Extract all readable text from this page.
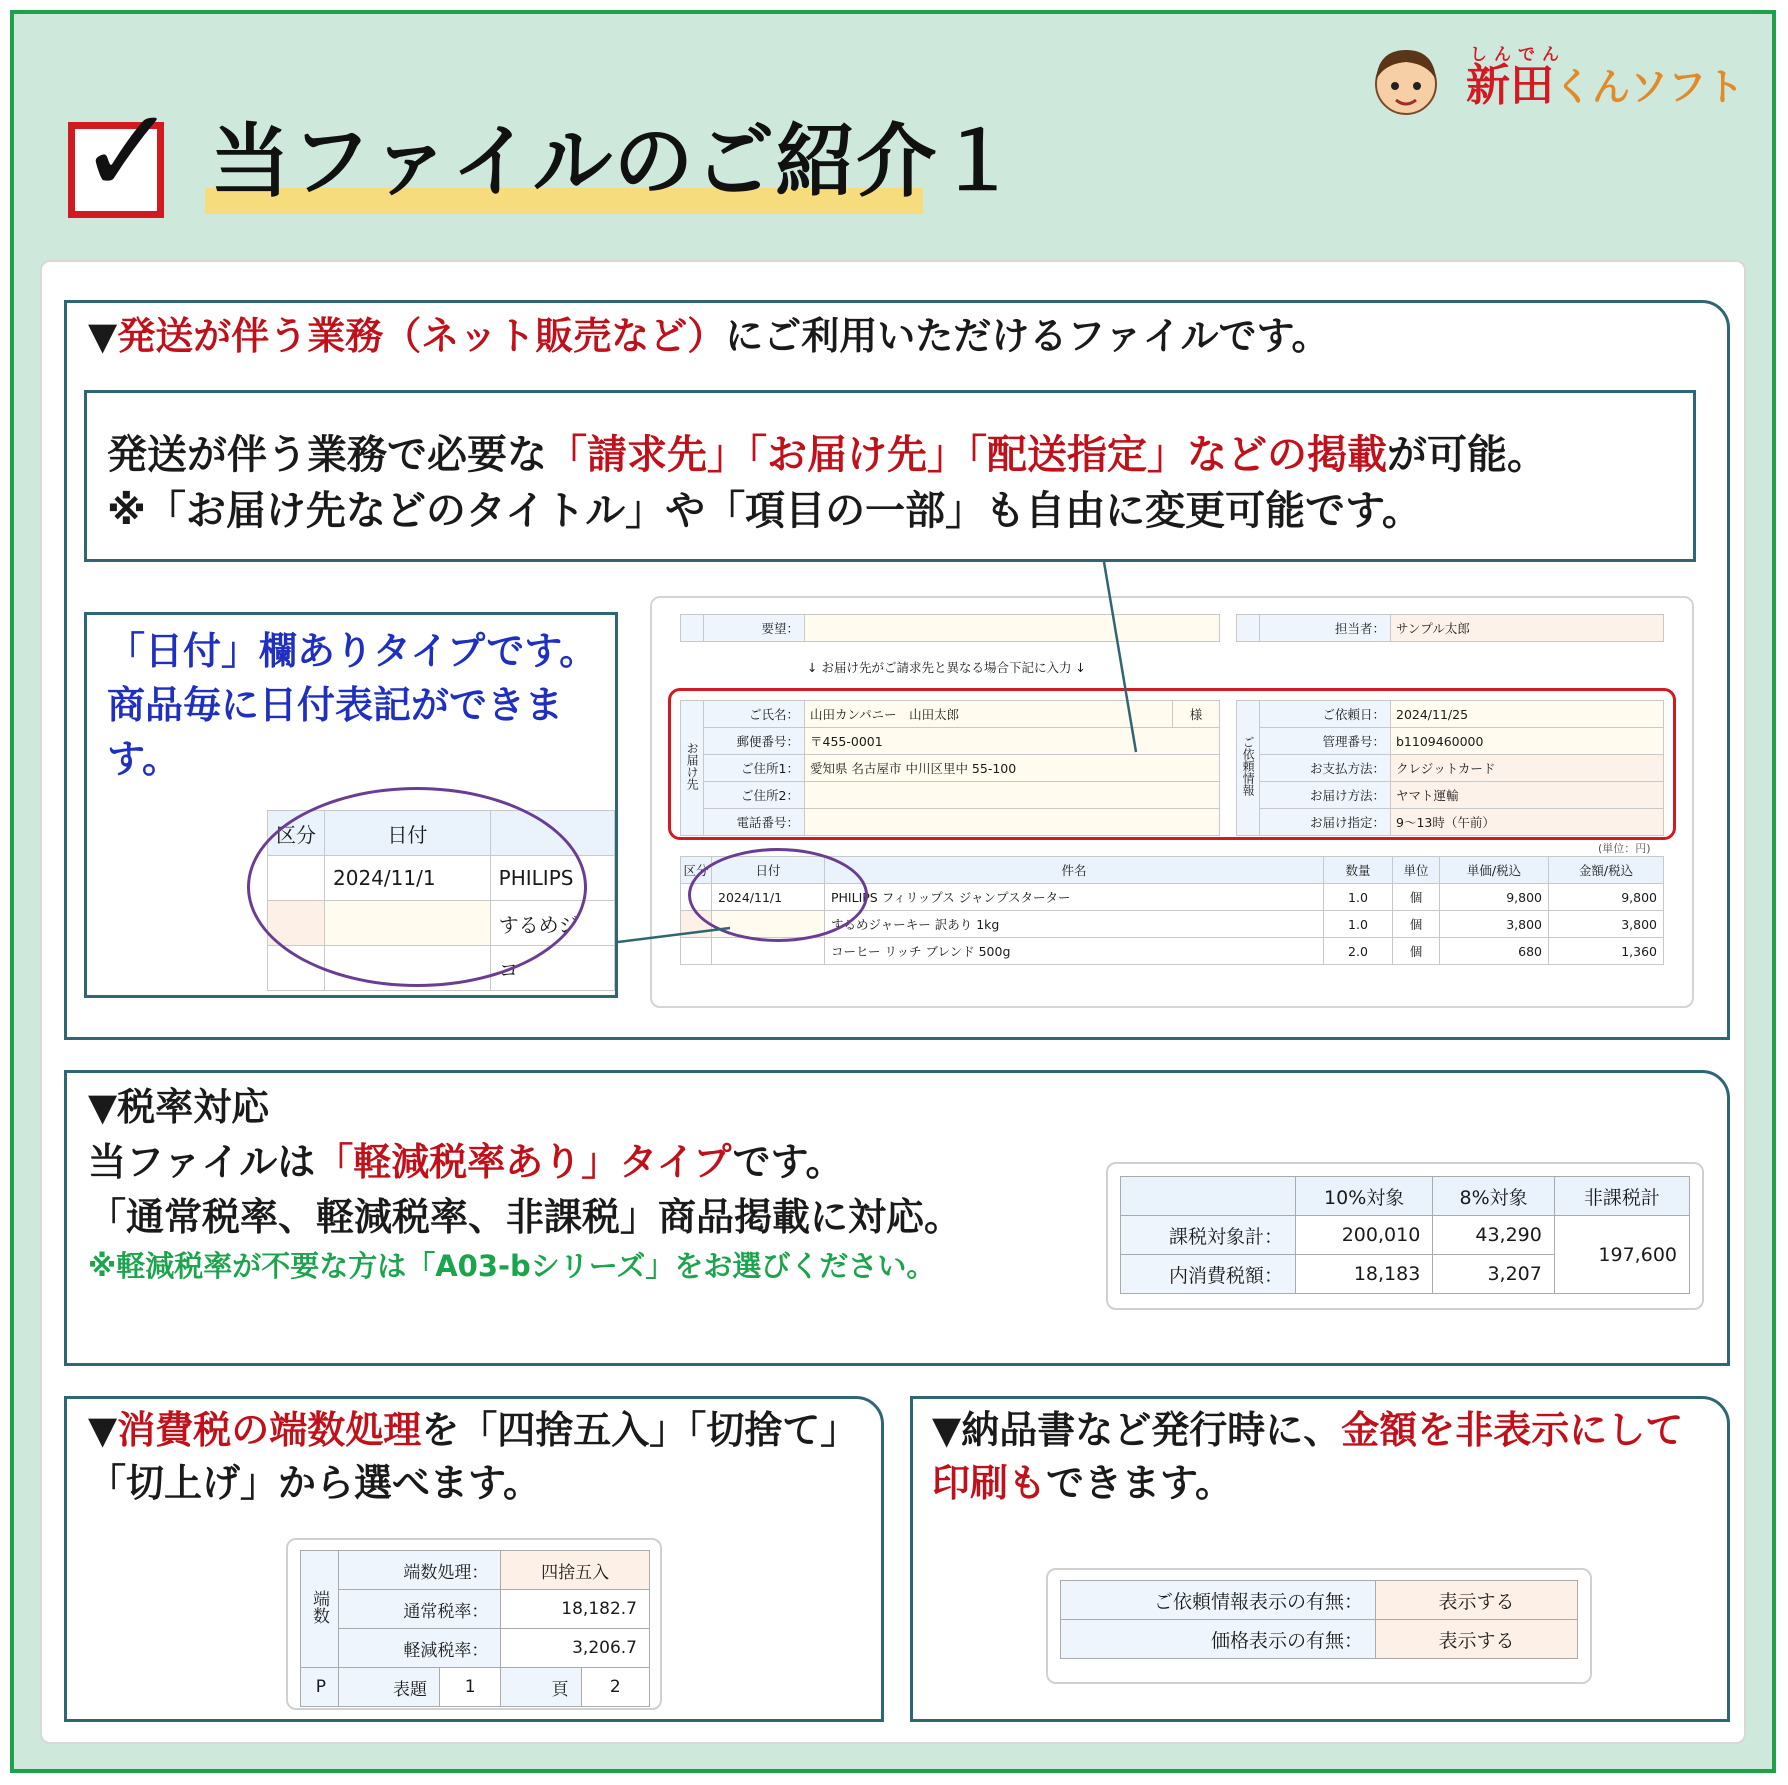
✓ 当ファイルのご紹介１
しんでん
新田くんソフト
▼発送が伴う業務（ネット販売など）にご利用いただけるファイルです。
発送が伴う業務で必要な「請求先」「お届け先」「配送指定」などの掲載が可能。
※「お届け先などのタイトル」や「項目の一部」も自由に変更可能です。
「日付」欄ありタイプです。商品毎に日付表記ができます。
区分	日付	
	2024/11/1	PHILIPS
		するめジ
		コ
	要望：	
		担当者：	サンプル太郎
↓ お届け先がご請求先と異なる場合下記に入力 ↓
お届け先	ご氏名：	山田カンパニー　山田太郎	様
	郵便番号：	〒455-0001	
	ご住所1：	愛知県 名古屋市 中川区里中 55-100	
	ご住所2：		
	電話番号：		
ご依頼情報	ご依頼日：	2024/11/25
	管理番号：	b1109460000
	お支払方法：	クレジットカード
	お届け方法：	ヤマト運輸
	お届け指定：	9～13時（午前）
(単位：円)
区分	日付	件名	数量	単位	単価/税込	金額/税込
	2024/11/1	PHILIPS フィリップス ジャンプスターター	1.0	個	9,800	9,800
		するめジャーキー 訳あり 1kg	1.0	個	3,800	3,800
		コーヒー リッチ ブレンド 500g	2.0	個	680	1,360
▼税率対応
当ファイルは「軽減税率あり」タイプです。
「通常税率、軽減税率、非課税」商品掲載に対応。
※軽減税率が不要な方は「A03-bシリーズ」をお選びください。
	10%対象	8%対象	非課税計
課税対象計：	200,010	43,290	197,600
内消費税額：	18,183	3,207	
▼消費税の端数処理を「四捨五入」「切捨て」「切上げ」から選べます。
端数	端数処理：		四捨五入	
	通常税率：		18,182.7	
	軽減税率：		3,206.7	
P	表題	1	頁	2
▼納品書など発行時に、金額を非表示にして印刷もできます。
ご依頼情報表示の有無：	表示する
価格表示の有無：	表示する
